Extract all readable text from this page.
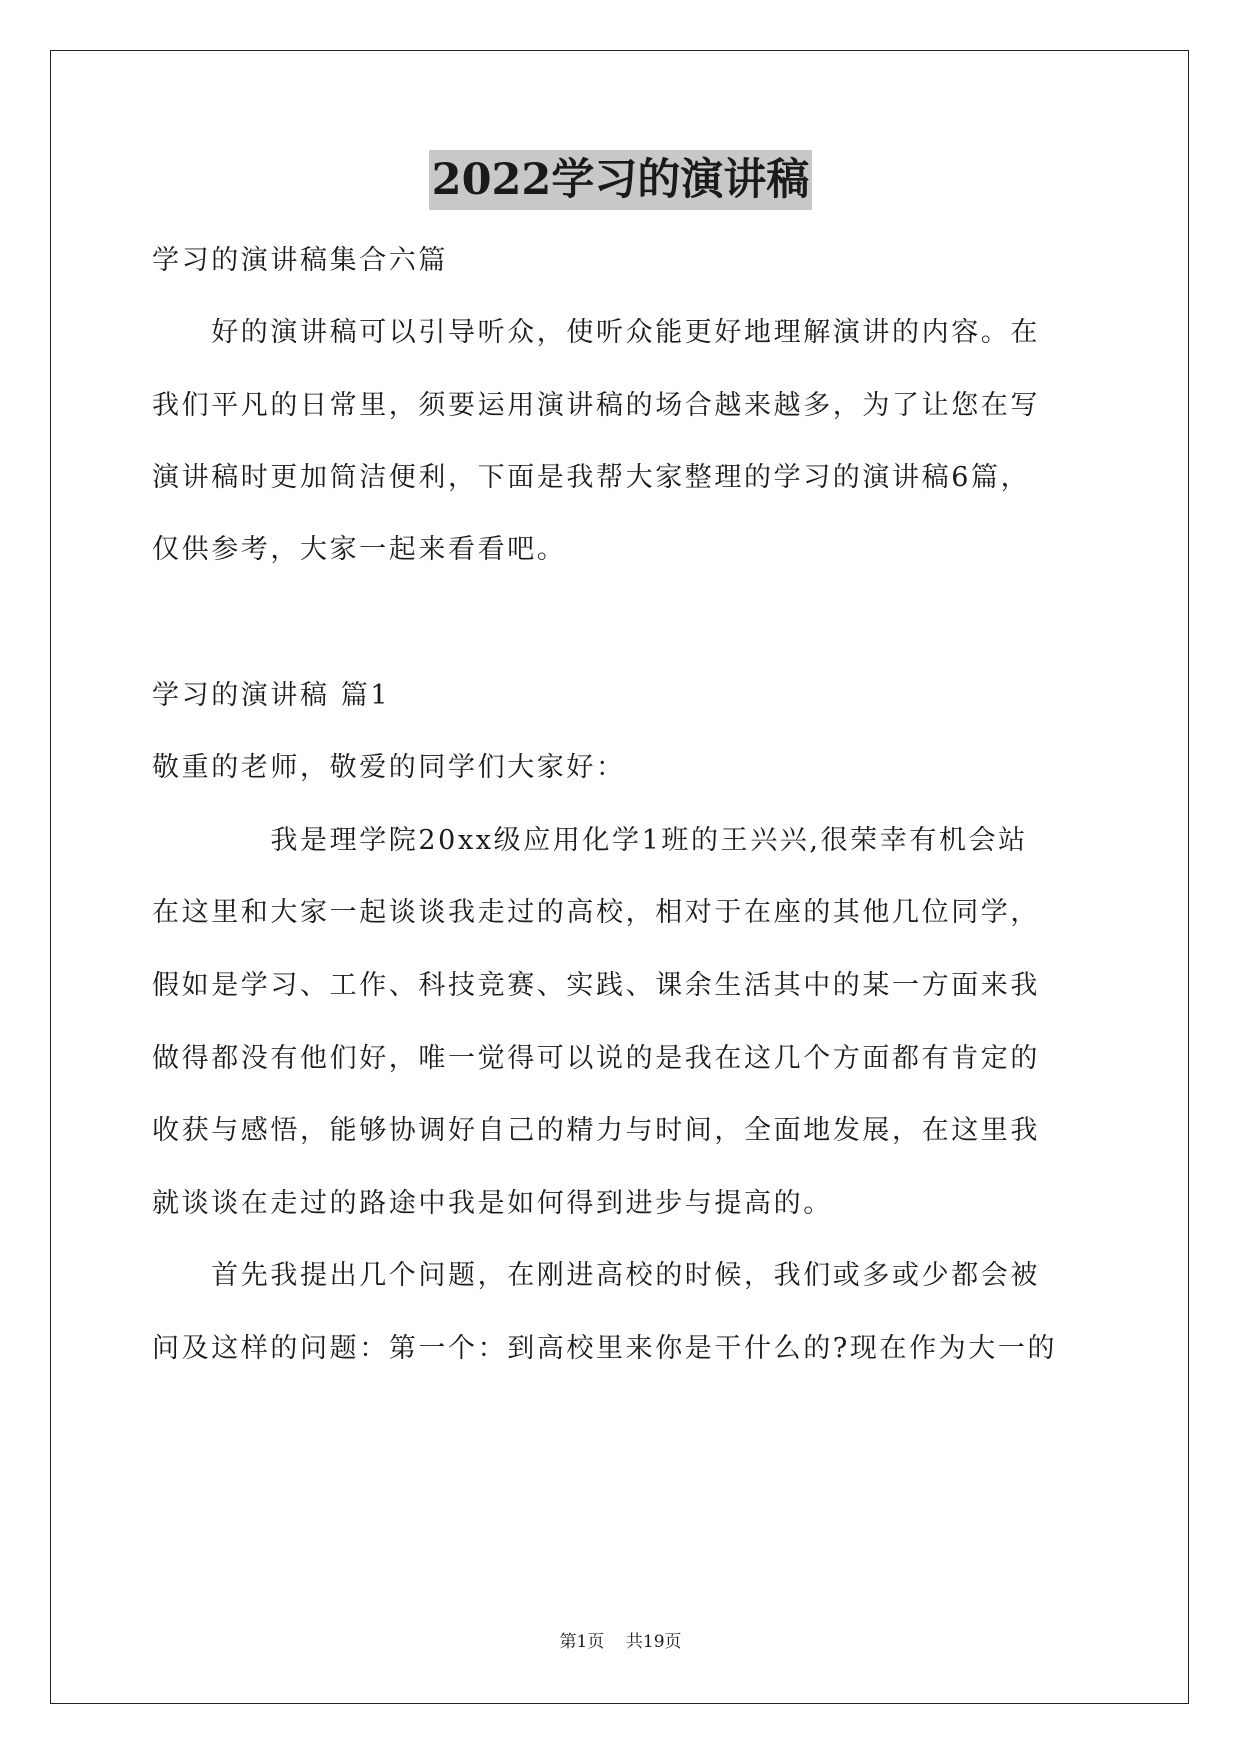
2022学习的演讲稿
学习的演讲稿集合六篇
　　好的演讲稿可以引导听众，使听众能更好地理解演讲的内容。在
我们平凡的日常里，须要运用演讲稿的场合越来越多，为了让您在写
演讲稿时更加简洁便利，下面是我帮大家整理的学习的演讲稿6篇，
仅供参考，大家一起来看看吧。
学习的演讲稿 篇1
敬重的老师，敬爱的同学们大家好：
　　　　我是理学院20xx级应用化学1班的王兴兴,很荣幸有机会站
在这里和大家一起谈谈我走过的高校，相对于在座的其他几位同学，
假如是学习、工作、科技竞赛、实践、课余生活其中的某一方面来我
做得都没有他们好，唯一觉得可以说的是我在这几个方面都有肯定的
收获与感悟，能够协调好自己的精力与时间，全面地发展，在这里我
就谈谈在走过的路途中我是如何得到进步与提高的。
　　首先我提出几个问题，在刚进高校的时候，我们或多或少都会被
问及这样的问题：第一个：到高校里来你是干什么的?现在作为大一的
第1页 共19页
